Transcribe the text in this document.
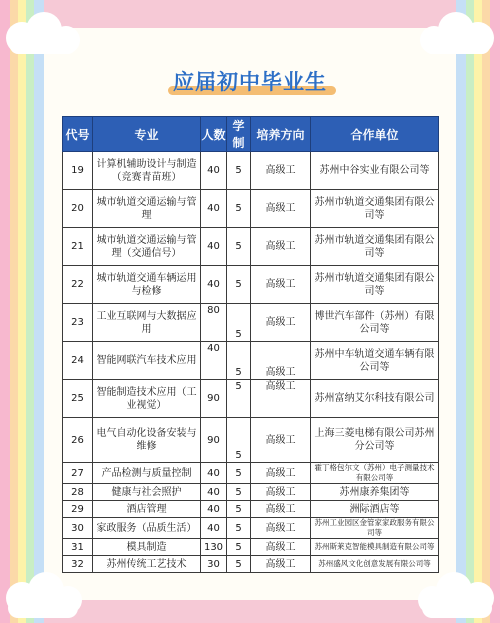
应届初中毕业生
代号	专业	人数	学制	培养方向	合作单位
19	计算机辅助设计与制造（竞赛青苗班）	40	5	高级工	苏州中谷实业有限公司等
20	城市轨道交通运输与管理	40	5	高级工	苏州市轨道交通集团有限公司等
21	城市轨道交通运输与管理（交通信号）	40	5	高级工	苏州市轨道交通集团有限公司等
22	城市轨道交通车辆运用与检修	40	5	高级工	苏州市轨道交通集团有限公司等
23	工业互联网与大数据应用	80	5	高级工	博世汽车部件（苏州）有限公司等
24	智能网联汽车技术应用	40	5	高级工	苏州中车轨道交通车辆有限公司等
25	智能制造技术应用（工业视觉）	90	5	高级工	苏州富纳艾尔科技有限公司
26	电气自动化设备安装与维修	90	5	高级工	上海三菱电梯有限公司苏州分公司等
27	产品检测与质量控制	40	5	高级工	霍丁格包尔文（苏州）电子测量技术有限公司等
28	健康与社会照护	40	5	高级工	苏州康养集团等
29	酒店管理	40	5	高级工	洲际酒店等
30	家政服务（品质生活）	40	5	高级工	苏州工业园区金管家家政服务有限公司等
31	模具制造	130	5	高级工	苏州斯莱克智能模具制造有限公司等
32	苏州传统工艺技术	30	5	高级工	苏州盛风文化创意发展有限公司等
